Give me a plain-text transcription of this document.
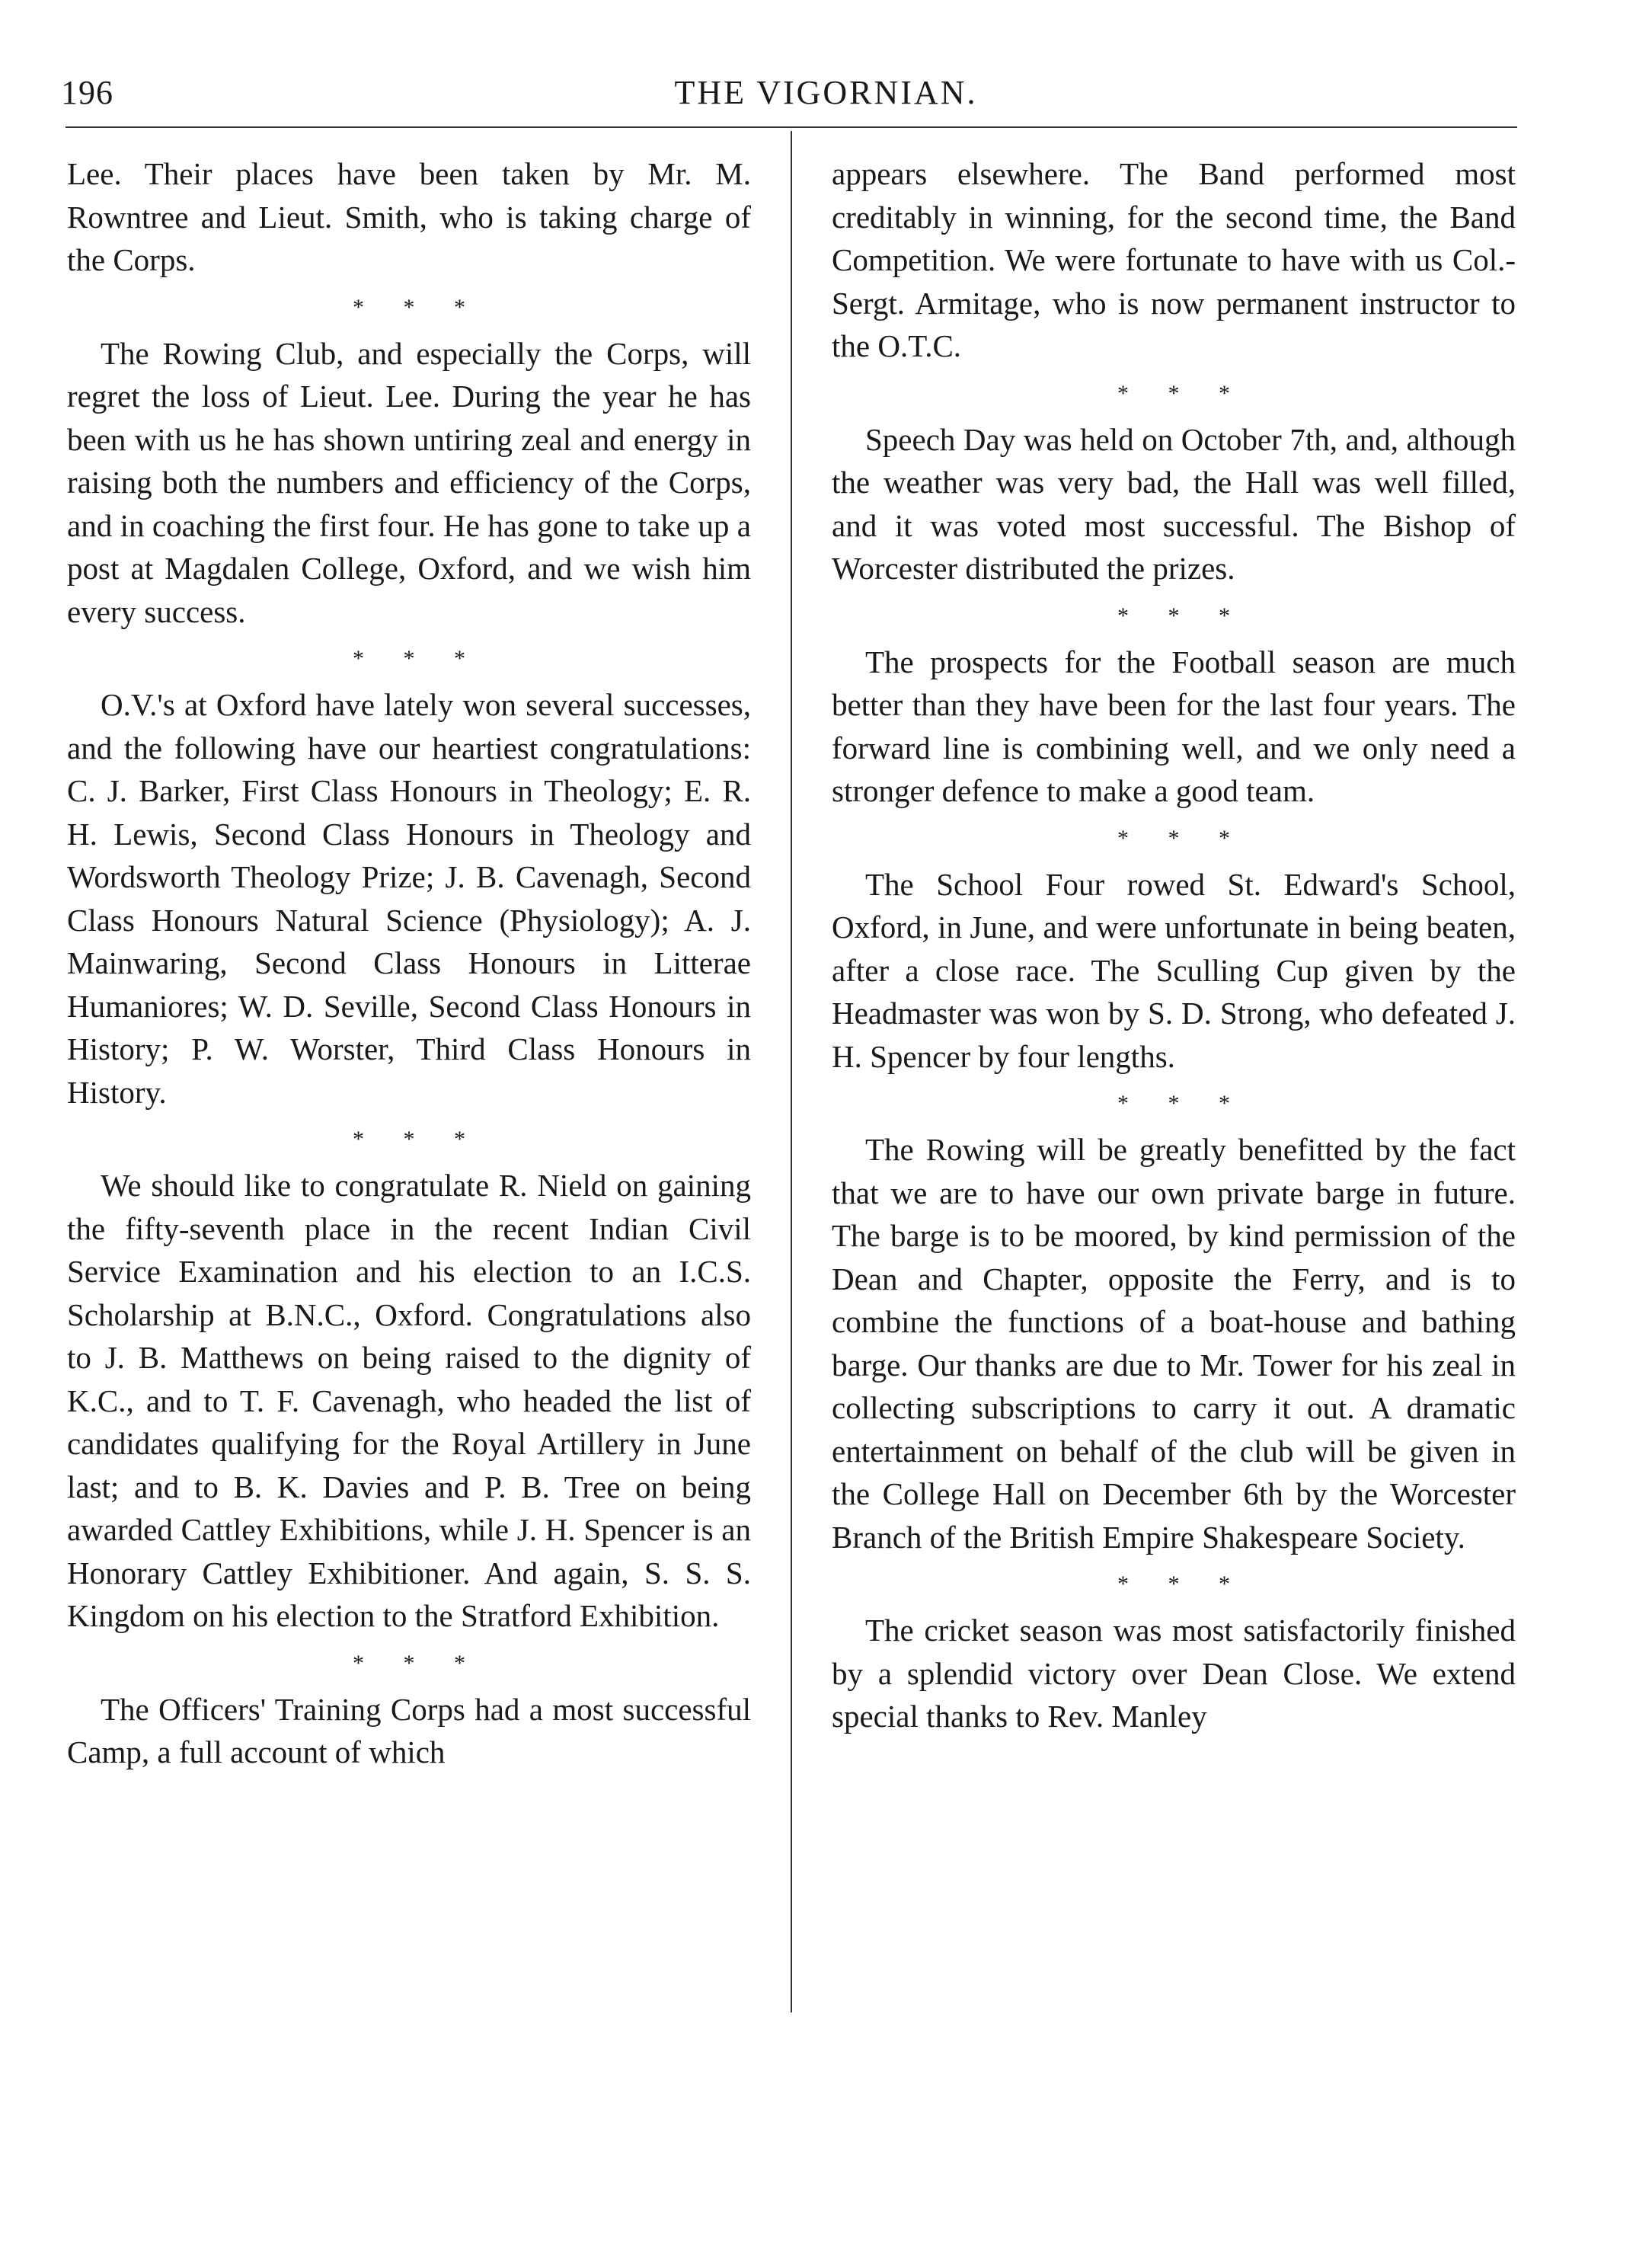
196	THE VIGORNIAN.

Lee. Their places have been taken by Mr. M. Rowntree and Lieut. Smith, who is taking charge of the Corps.

* * *

The Rowing Club, and especially the Corps, will regret the loss of Lieut. Lee. During the year he has been with us he has shown untiring zeal and energy in raising both the numbers and efficiency of the Corps, and in coaching the first four. He has gone to take up a post at Magdalen College, Oxford, and we wish him every success.

* * *

O.V.'s at Oxford have lately won several successes, and the following have our heartiest congratulations: C. J. Barker, First Class Honours in Theology; E. R. H. Lewis, Second Class Honours in Theology and Wordsworth Theology Prize; J. B. Cavenagh, Second Class Honours Natural Science (Physiology); A. J. Mainwaring, Second Class Honours in Litterae Humaniores; W. D. Seville, Second Class Honours in History; P. W. Worster, Third Class Honours in History.

* * *

We should like to congratulate R. Nield on gaining the fifty-seventh place in the recent Indian Civil Service Examination and his election to an I.C.S. Scholarship at B.N.C., Oxford. Congratulations also to J. B. Matthews on being raised to the dignity of K.C., and to T. F. Cavenagh, who headed the list of candidates qualifying for the Royal Artillery in June last; and to B. K. Davies and P. B. Tree on being awarded Cattley Exhibitions, while J. H. Spencer is an Honorary Cattley Exhibitioner. And again, S. S. S. Kingdom on his election to the Stratford Exhibition.

* * *

The Officers' Training Corps had a most successful Camp, a full account of which

appears elsewhere. The Band performed most creditably in winning, for the second time, the Band Competition. We were fortunate to have with us Col.-Sergt. Armitage, who is now permanent instructor to the O.T.C.

* * *

Speech Day was held on October 7th, and, although the weather was very bad, the Hall was well filled, and it was voted most successful. The Bishop of Worcester distributed the prizes.

* * *

The prospects for the Football season are much better than they have been for the last four years. The forward line is combining well, and we only need a stronger defence to make a good team.

* * *

The School Four rowed St. Edward's School, Oxford, in June, and were unfortunate in being beaten, after a close race. The Sculling Cup given by the Headmaster was won by S. D. Strong, who defeated J. H. Spencer by four lengths.

* * *

The Rowing will be greatly benefitted by the fact that we are to have our own private barge in future. The barge is to be moored, by kind permission of the Dean and Chapter, opposite the Ferry, and is to combine the functions of a boat-house and bathing barge. Our thanks are due to Mr. Tower for his zeal in collecting subscriptions to carry it out. A dramatic entertainment on behalf of the club will be given in the College Hall on December 6th by the Worcester Branch of the British Empire Shakespeare Society.

* * *

The cricket season was most satisfactorily finished by a splendid victory over Dean Close. We extend special thanks to Rev. Manley
